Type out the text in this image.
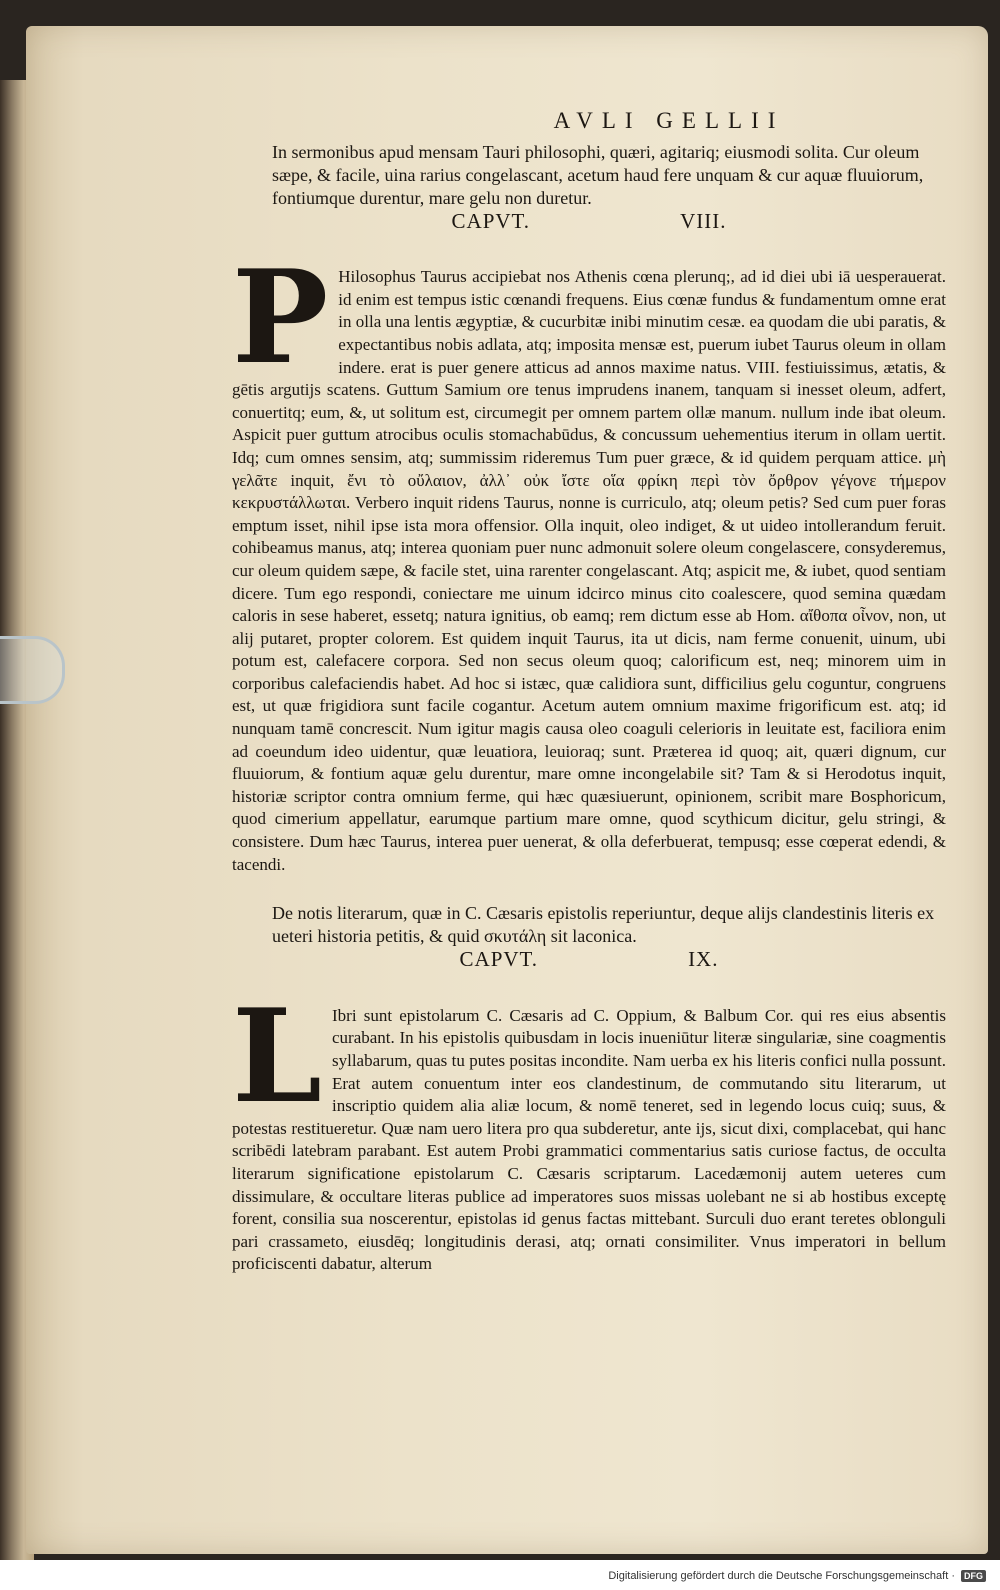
AVLI GELLII

In sermonibus apud mensam Tauri philosophi, quæri, agitariq; eiusmodi solita. Cur oleum sæpe, & facile, uina rarius congelascant, acetum haud fere unquam & cur aquæ fluuiorum, fontiumque durentur, mare gelu non duretur.

CAPVT.	VIII.
P Hilosophus Taurus accipiebat nos Athenis cœna plerunq;, ad id diei ubi iā uesperauerat. id enim est tempus istic cœnandi frequens. Eius cœnæ fundus & fundamentum omne erat in olla una lentis ægyptiæ, & cucurbitæ inibi minutim cesæ. ea quodam die ubi paratis, & expectantibus nobis adlata, atq; imposita mensæ est, puerum iubet Taurus oleum in ollam indere. erat is puer genere atticus ad annos maxime natus. VIII. festiuissimus, ætatis, & gētis argutijs scatens. Guttum Samium ore tenus imprudens inanem, tanquam si inesset oleum, adfert, conuertitq; eum, &, ut solitum est, circumegit per omnem partem ollæ manum. nullum inde ibat oleum. Aspicit puer guttum atrocibus oculis stomachabūdus, & concussum uehementius iterum in ollam uertit. Idq; cum omnes sensim, atq; summissim rideremus Tum puer græce, & id quidem perquam attice. μὴ γελᾶτε inquit, ἔνι τὸ οὔλαιον, ἀλλ᾽ οὐκ ἴστε οἵα φρίκη περὶ τὸν ὄρθρον γέγονε τήμερον κεκρυστάλλωται. Verbero inquit ridens Taurus, nonne is curriculo, atq; oleum petis? Sed cum puer foras emptum isset, nihil ipse ista mora offensior. Olla inquit, oleo indiget, & ut uideo intollerandum feruit. cohibeamus manus, atq; interea quoniam puer nunc admonuit solere oleum congelascere, consyderemus, cur oleum quidem sæpe, & facile stet, uina rarenter congelascant. Atq; aspicit me, & iubet, quod sentiam dicere. Tum ego respondi, coniectare me uinum idcirco minus cito coalescere, quod semina quædam caloris in sese haberet, essetq; natura ignitius, ob eamq; rem dictum esse ab Hom. αἴθοπα οἶνον, non, ut alij putaret, propter colorem. Est quidem inquit Taurus, ita ut dicis, nam ferme conuenit, uinum, ubi potum est, calefacere corpora. Sed non secus oleum quoq; calorificum est, neq; minorem uim in corporibus calefaciendis habet. Ad hoc si istæc, quæ calidiora sunt, difficilius gelu coguntur, congruens est, ut quæ frigidiora sunt facile cogantur. Acetum autem omnium maxime frigorificum est. atq; id nunquam tamē concrescit. Num igitur magis causa oleo coaguli celerioris in leuitate est, faciliora enim ad coeundum ideo uidentur, quæ leuatiora, leuioraq; sunt. Præterea id quoq; ait, quæri dignum, cur fluuiorum, & fontium aquæ gelu durentur, mare omne incongelabile sit? Tam & si Herodotus inquit, historiæ scriptor contra omnium ferme, qui hæc quæsiuerunt, opinionem, scribit mare Bosphoricum, quod cimerium appellatur, earumque partium mare omne, quod scythicum dicitur, gelu stringi, & consistere. Dum hæc Taurus, interea puer uenerat, & olla deferbuerat, tempusq; esse cœperat edendi, & tacendi.

De notis literarum, quæ in C. Cæsaris epistolis reperiuntur, deque alijs clandestinis literis ex ueteri historia petitis, & quid σκυτάλη sit laconica.

CAPVT.	IX.
L Ibri sunt epistolarum C. Cæsaris ad C. Oppium, & Balbum Cor. qui res eius absentis curabant. In his epistolis quibusdam in locis inueniūtur literæ singulariæ, sine coagmentis syllabarum, quas tu putes positas incondite. Nam uerba ex his literis confici nulla possunt. Erat autem conuentum inter eos clandestinum, de commutando situ literarum, ut inscriptio quidem alia aliæ locum, & nomē teneret, sed in legendo locus cuiq; suus, & potestas restitueretur. Quæ nam uero litera pro qua subderetur, ante ijs, sicut dixi, complacebat, qui hanc scribēdi latebram parabant. Est autem Probi grammatici commentarius satis curiose factus, de occulta literarum significatione epistolarum C. Cæsaris scriptarum. Lacedæmonij autem ueteres cum dissimulare, & occultare literas publice ad imperatores suos missas uolebant ne si ab hostibus exceptę forent, consilia sua noscerentur, epistolas id genus factas mittebant. Surculi duo erant teretes oblonguli pari crassameto, eiusdēq; longitudinis derasi, atq; ornati consimiliter. Vnus imperatori in bellum proficiscenti dabatur, alterum

Digitalisierung gefördert durch die Deutsche Forschungsgemeinschaft ·	DFG
